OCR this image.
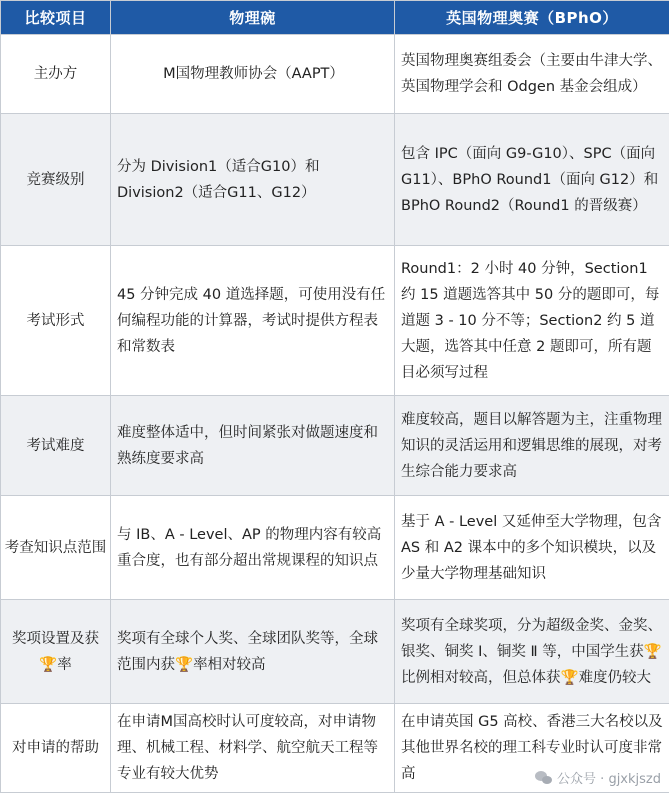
比较项目	物理碗	英国物理奥赛（BPhO）
主办方	M国物理教师协会（AAPT）	英国物理奥赛组委会（主要由牛津大学、英国物理学会和 Odgen 基金会组成）
竞赛级别	分为 Division1（适合G10）和 Division2（适合G11、G12）	包含 IPC（面向 G9-G10）、SPC（面向 G11）、BPhO Round1（面向 G12）和 BPhO Round2（Round1 的晋级赛）
考试形式	45 分钟完成 40 道选择题，可使用没有任何编程功能的计算器，考试时提供方程表和常数表	Round1：2 小时 40 分钟，Section1 约 15 道题选答其中 50 分的题即可，每道题 3 - 10 分不等；Section2 约 5 道大题，选答其中任意 2 题即可，所有题目必须写过程
考试难度	难度整体适中，但时间紧张对做题速度和熟练度要求高	难度较高，题目以解答题为主，注重物理知识的灵活运用和逻辑思维的展现，对考生综合能力要求高
考查知识点范围	与 IB、A - Level、AP 的物理内容有较高重合度，也有部分超出常规课程的知识点	基于 A - Level 又延伸至大学物理，包含 AS 和 A2 课本中的多个知识模块，以及少量大学物理基础知识
奖项设置及获🏆率	奖项有全球个人奖、全球团队奖等，全球范围内获🏆率相对较高	奖项有全球奖项，分为超级金奖、金奖、银奖、铜奖 Ⅰ、铜奖 Ⅱ 等，中国学生获🏆比例相对较高，但总体获🏆难度仍较大
对申请的帮助	在申请M国高校时认可度较高，对申请物理、机械工程、材料学、航空航天工程等专业有较大优势	在申请英国 G5 高校、香港三大名校以及其他世界名校的理工科专业时认可度非常高	公众号 · gjxkjszd
